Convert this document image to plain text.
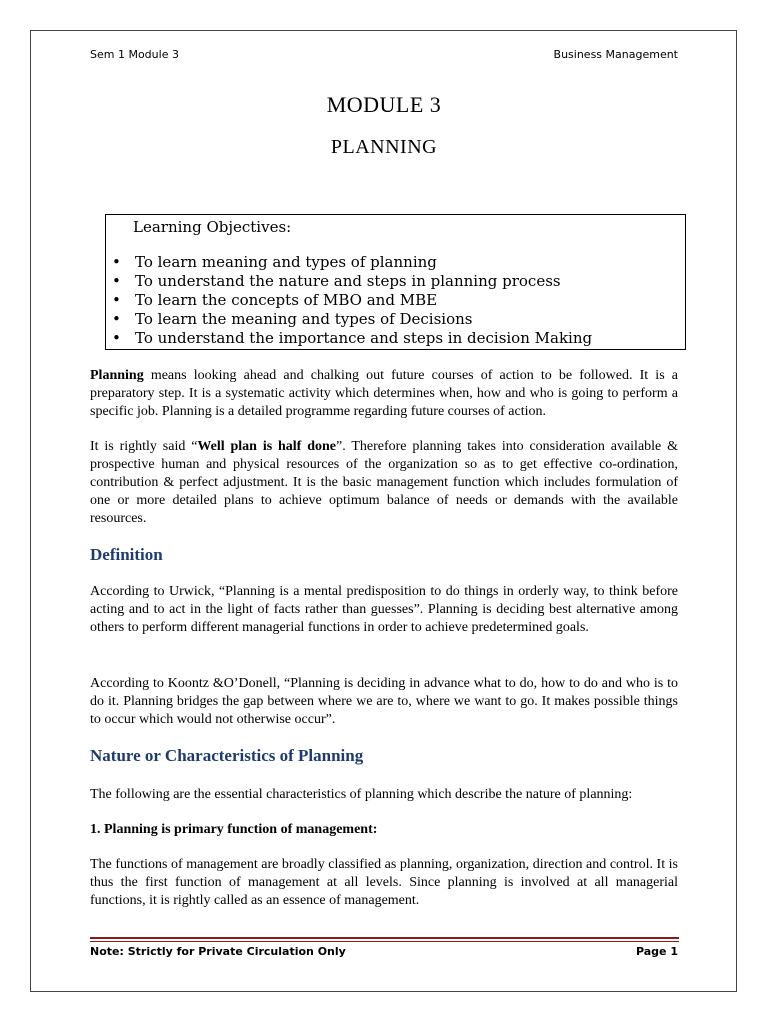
Sem 1 Module 3	Business Management
MODULE 3
PLANNING
Learning Objectives:
• To learn meaning and types of planning
• To understand the nature and steps in planning process
• To learn the concepts of MBO and MBE
• To learn the meaning and types of Decisions
• To understand the importance and steps in decision Making

Planning means looking ahead and chalking out future courses of action to be followed. It is a preparatory step. It is a systematic activity which determines when, how and who is going to perform a specific job. Planning is a detailed programme regarding future courses of action.

It is rightly said “Well plan is half done”. Therefore planning takes into consideration available & prospective human and physical resources of the organization so as to get effective co-ordination, contribution & perfect adjustment. It is the basic management function which includes formulation of one or more detailed plans to achieve optimum balance of needs or demands with the available resources.

Definition

According to Urwick, “Planning is a mental predisposition to do things in orderly way, to think before acting and to act in the light of facts rather than guesses”. Planning is deciding best alternative among others to perform different managerial functions in order to achieve predetermined goals.

According to Koontz &O’Donell, “Planning is deciding in advance what to do, how to do and who is to do it. Planning bridges the gap between where we are to, where we want to go. It makes possible things to occur which would not otherwise occur”.

Nature or Characteristics of Planning

The following are the essential characteristics of planning which describe the nature of planning:

1. Planning is primary function of management:

The functions of management are broadly classified as planning, organization, direction and control. It is thus the first function of management at all levels. Since planning is involved at all managerial functions, it is rightly called as an essence of management.

Note: Strictly for Private Circulation Only	Page 1
